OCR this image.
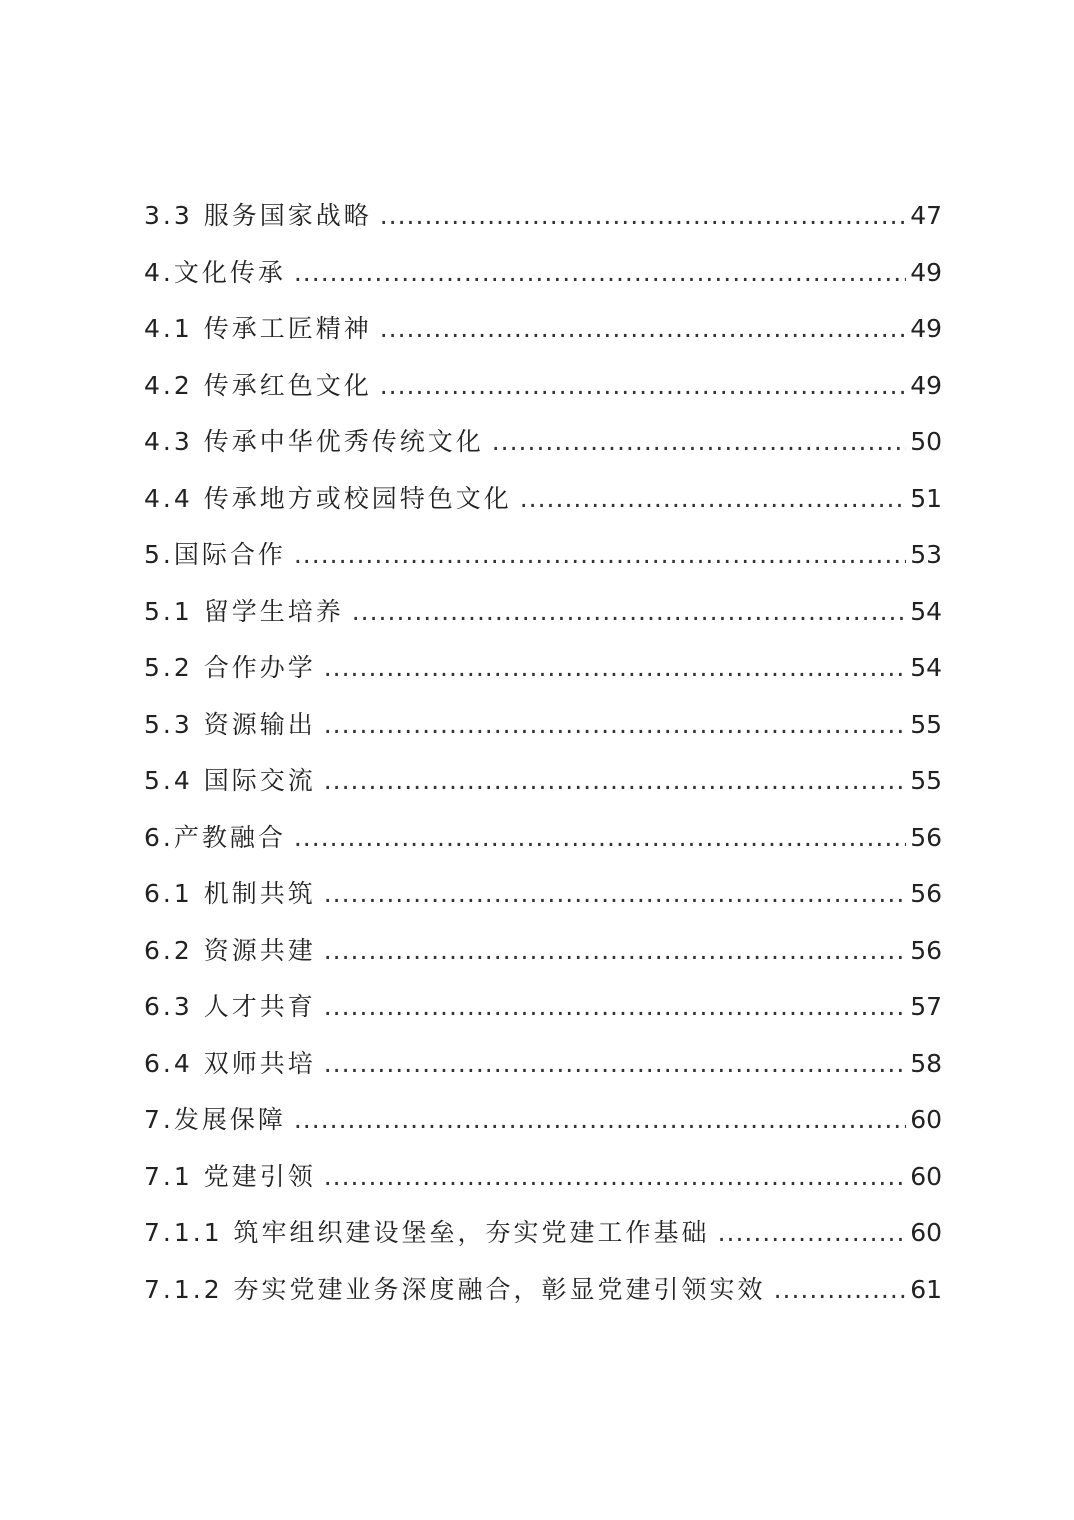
3.3 服务国家战略 .....	47
4.文化传承 .....	49
4.1 传承工匠精神 .....	49
4.2 传承红色文化 .....	49
4.3 传承中华优秀传统文化 .....	50
4.4 传承地方或校园特色文化 .....	51
5.国际合作 .....	53
5.1 留学生培养 .....	54
5.2 合作办学 .....	54
5.3 资源输出 .....	55
5.4 国际交流 .....	55
6.产教融合 .....	56
6.1 机制共筑 .....	56
6.2 资源共建 .....	56
6.3 人才共育 .....	57
6.4 双师共培 .....	58
7.发展保障 .....	60
7.1 党建引领 .....	60
7.1.1 筑牢组织建设堡垒，夯实党建工作基础 .....	60
7.1.2 夯实党建业务深度融合，彰显党建引领实效 .....	61
